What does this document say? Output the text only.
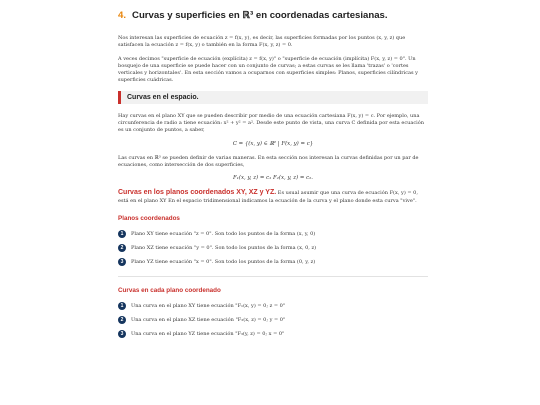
4. Curvas y superficies en ℝ³ en coordenadas cartesianas.

Nos interesan las superficies de ecuación z = f(x, y), es decir, las superficies formadas por los puntos (x, y, z) que satisfacen la ecuación z = f(x, y) o también en la forma F(x, y, z) = 0.

A veces decimos "superficie de ecuación (explícita) z = f(x, y)" o "superficie de ecuación (implícita) F(x, y, z) = 0". Un bosquejo de una superficie se puede hacer con un conjunto de curvas; a estas curvas se les llama 'trazas' o 'cortes verticales y horizontales'. En esta sección vamos a ocuparnos con superficies simples: Planos, superficies cilíndricas y superficies cuádricas.

Curvas en el espacio.

Hay curvas en el plano XY que se pueden describir por medio de una ecuación cartesiana F(x, y) = c. Por ejemplo, una circunferencia de radio a tiene ecuación: x² + y² = a². Desde este punto de vista, una curva C definida por esta ecuación es un conjunto de puntos, a saber,

C = {(x, y) ∈ ℝ² | F(x, y) = c}

Las curvas en ℝ³ se pueden definir de varias maneras. En esta sección nos interesan la curvas definidas por un par de ecuaciones, como intersección de dos superficies,

F₁(x, y, z) = c₁ F₂(x, y, z) = c₂.

Curvas en los planos coordenados XY, XZ y YZ. Es usual asumir que una curva de ecuación F(x, y) = 0, está en el plano XY En el espacio tridimensional indicamos la ecuación de la curva y el plano donde esta curva "vive".

Planos coordenados
1	Plano XY tiene ecuación "z = 0". Son todo los puntos de la forma (x, y, 0)
2	Plano XZ tiene ecuación "y = 0". Son todo los puntos de la forma (x, 0, z)
3	Plano YZ tiene ecuación "x = 0". Son todo los puntos de la forma (0, y, z)
Curvas en cada plano coordenado
1	Una curva en el plano XY tiene ecuación "F₁(x, y) = 0; z = 0"
2	Una curva en el plano XZ tiene ecuación "F₂(x, z) = 0; y = 0"
3	Una curva en el plano YZ tiene ecuación "F₃(y, z) = 0; x = 0"
